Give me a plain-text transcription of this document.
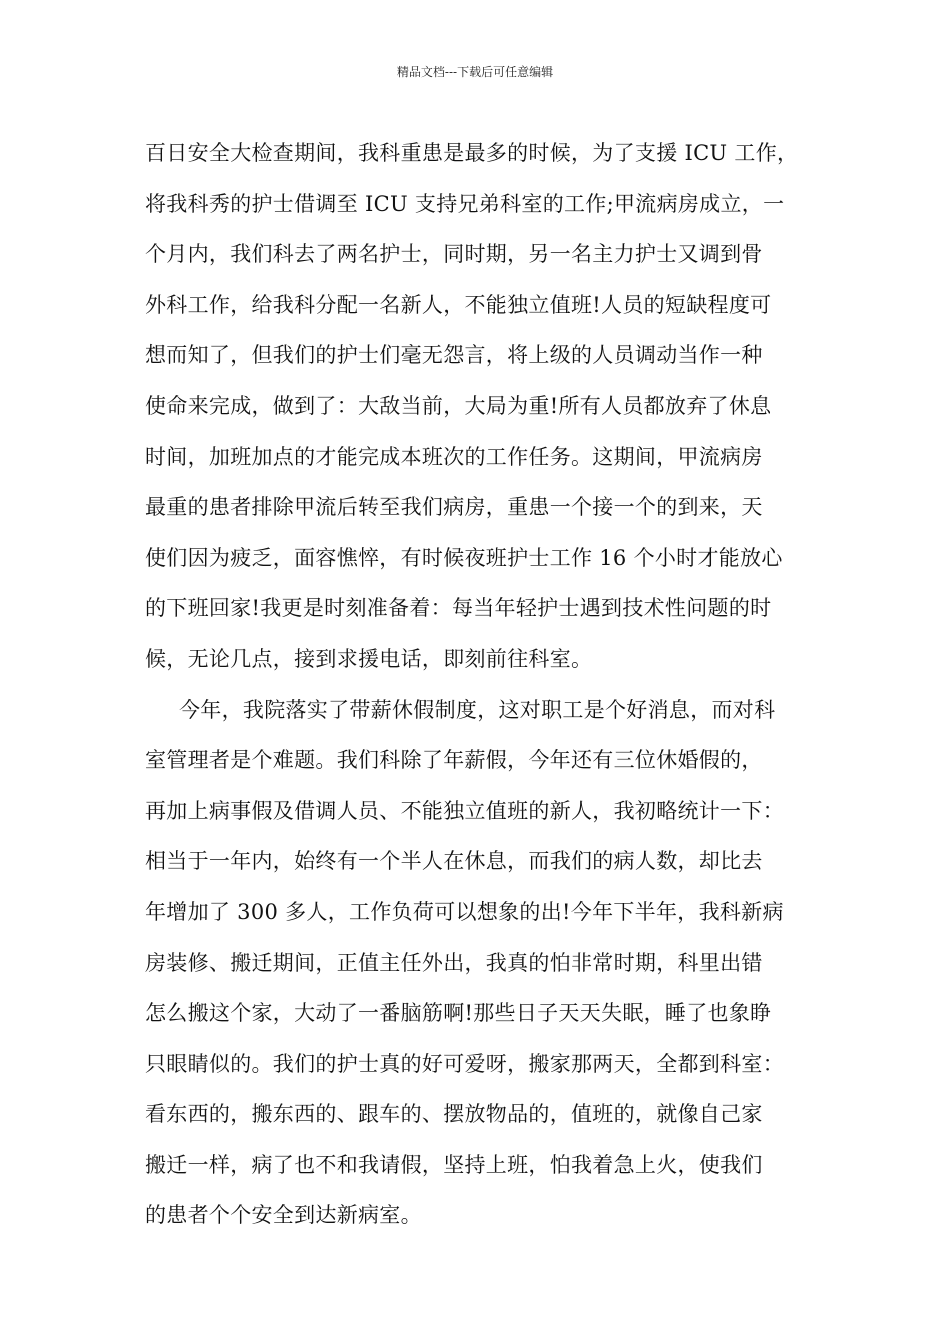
精品文档---下载后可任意编辑
百日安全大检查期间，我科重患是最多的时候，为了支援 ICU 工作，
将我科秀的护士借调至 ICU 支持兄弟科室的工作;甲流病房成立，一
个月内，我们科去了两名护士，同时期，另一名主力护士又调到骨
外科工作，给我科分配一名新人，不能独立值班!人员的短缺程度可
想而知了，但我们的护士们毫无怨言，将上级的人员调动当作一种
使命来完成，做到了：大敌当前，大局为重!所有人员都放弃了休息
时间，加班加点的才能完成本班次的工作任务。这期间，甲流病房
最重的患者排除甲流后转至我们病房，重患一个接一个的到来，天
使们因为疲乏，面容憔悴，有时候夜班护士工作 16 个小时才能放心
的下班回家!我更是时刻准备着：每当年轻护士遇到技术性问题的时
候，无论几点，接到求援电话，即刻前往科室。
今年，我院落实了带薪休假制度，这对职工是个好消息，而对科
室管理者是个难题。我们科除了年薪假，今年还有三位休婚假的，
再加上病事假及借调人员、不能独立值班的新人，我初略统计一下：
相当于一年内，始终有一个半人在休息，而我们的病人数，却比去
年增加了 300 多人，工作负荷可以想象的出!今年下半年，我科新病
房装修、搬迁期间，正值主任外出，我真的怕非常时期，科里出错
怎么搬这个家，大动了一番脑筋啊!那些日子天天失眠，睡了也象睁
只眼睛似的。我们的护士真的好可爱呀，搬家那两天，全都到科室：
看东西的，搬东西的、跟车的、摆放物品的，值班的，就像自己家
搬迁一样，病了也不和我请假，坚持上班，怕我着急上火，使我们
的患者个个安全到达新病室。
